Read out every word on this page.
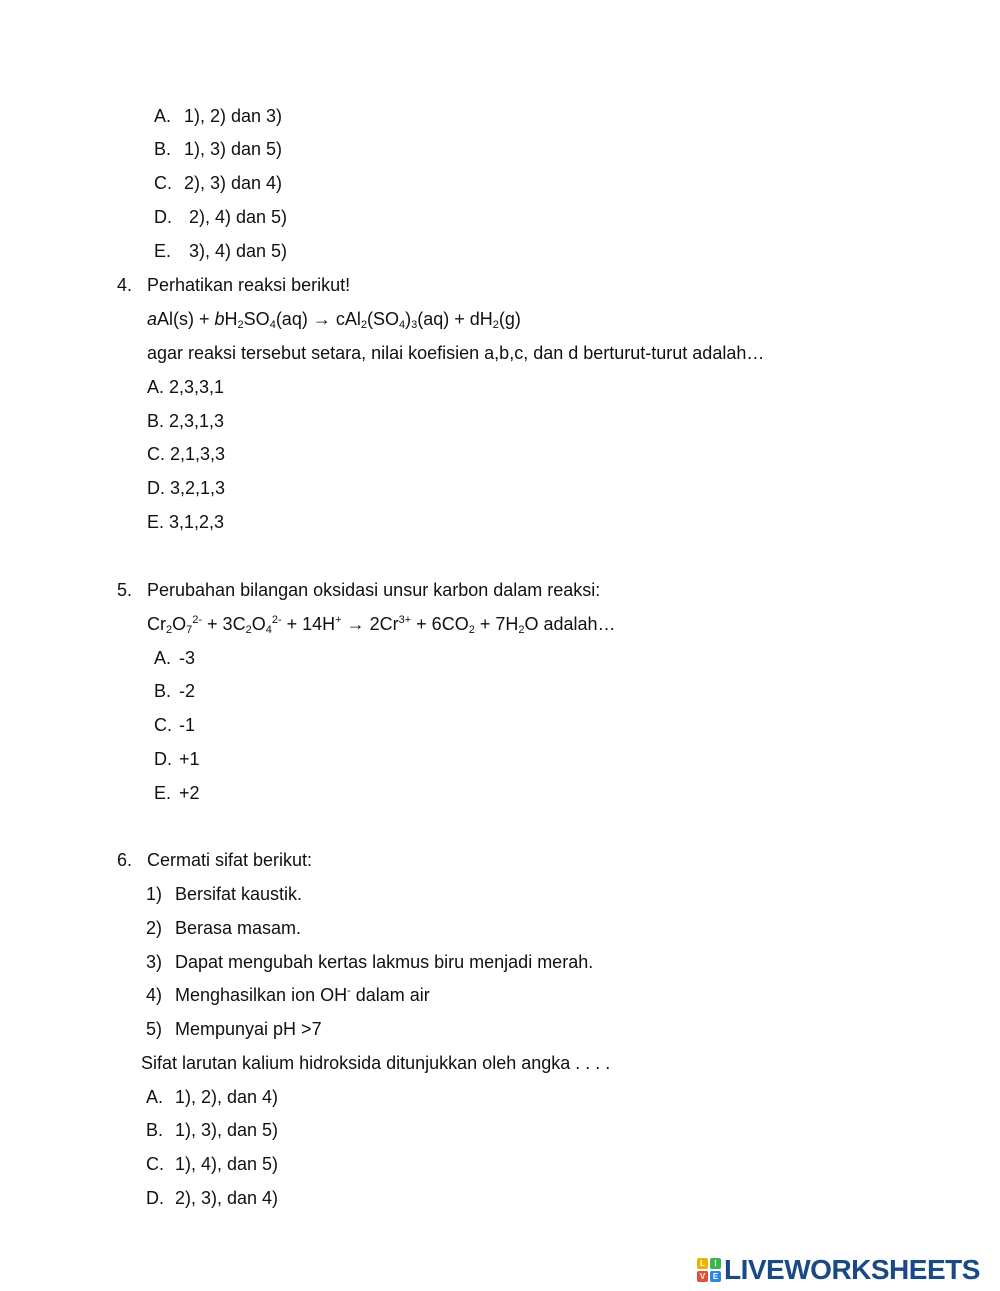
A. 1), 2) dan 3)
B. 1), 3) dan 5)
C. 2), 3) dan 4)
D. 2), 4) dan 5)
E. 3), 4) dan 5)
4. Perhatikan reaksi berikut!
$aAl(s) + bH_2SO_4(aq) \to cAl_2(SO_4)_3(aq) + dH_2(g)$
agar reaksi tersebut setara, nilai koefisien a,b,c, dan d berturut-turut adalah…
A. 2,3,3,1
B. 2,3,1,3
C. 2,1,3,3
D. 3,2,1,3
E. 3,1,2,3
5. Perubahan bilangan oksidasi unsur karbon dalam reaksi:
$Cr_2O_7^{2-} + 3C_2O_4^{2-} + 14H^+ \to 2Cr^{3+} + 6CO_2 + 7H_2O$ adalah…
A. -3
B. -2
C. -1
D. +1
E. +2
6. Cermati sifat berikut:
1) Bersifat kaustik.
2) Berasa masam.
3) Dapat mengubah kertas lakmus biru menjadi merah.
4) Menghasilkan ion OH- dalam air
5) Mempunyai pH >7
Sifat larutan kalium hidroksida ditunjukkan oleh angka . . . .
A. 1), 2), dan 4)
B. 1), 3), dan 5)
C. 1), 4), dan 5)
D. 2), 3), dan 4)
L	I
V E LIVEWORKSHEETS
